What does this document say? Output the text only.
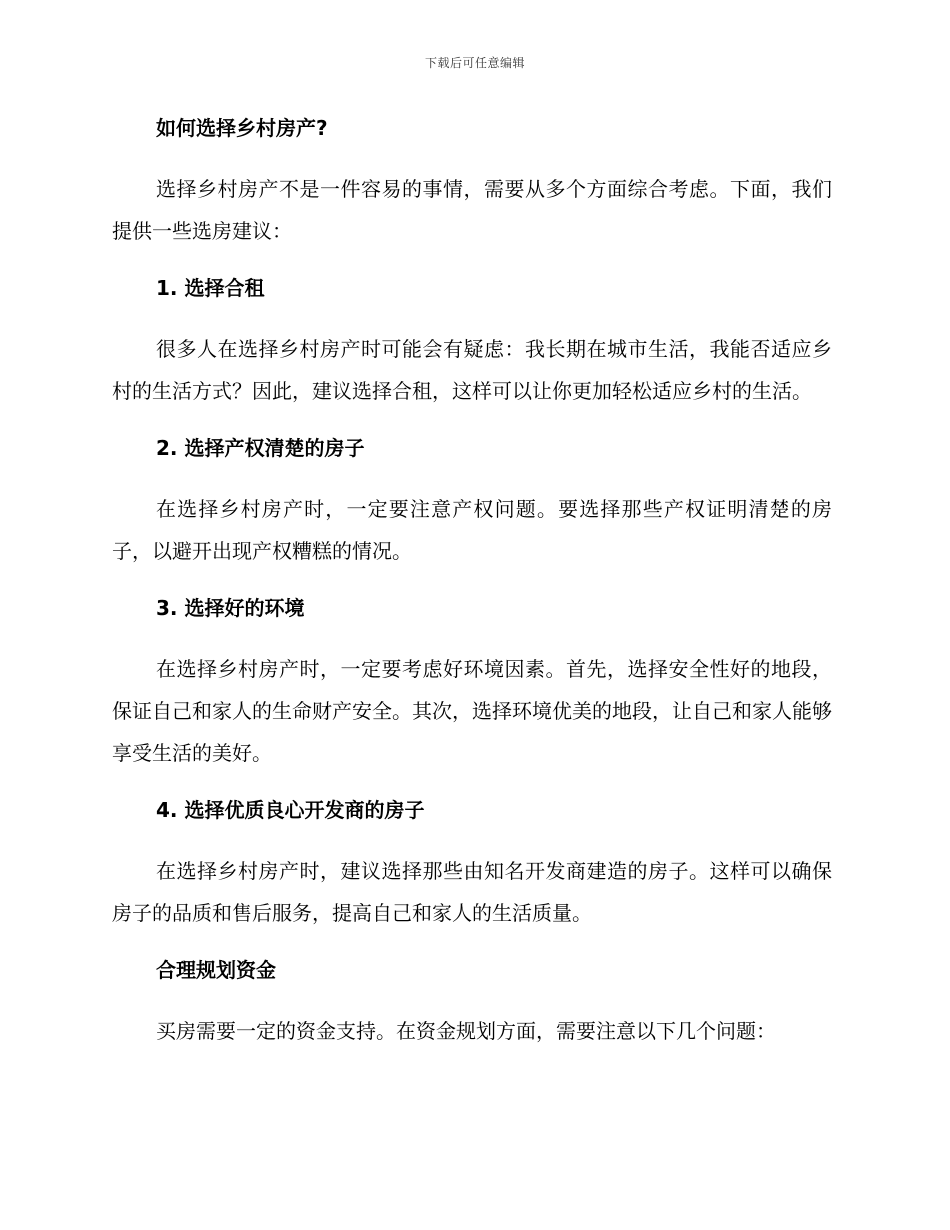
下载后可任意编辑
如何选择乡村房产?

选择乡村房产不是一件容易的事情，需要从多个方面综合考虑。下面，我们提供一些选房建议：

1. 选择合租

很多人在选择乡村房产时可能会有疑虑：我长期在城市生活，我能否适应乡村的生活方式？因此，建议选择合租，这样可以让你更加轻松适应乡村的生活。

2. 选择产权清楚的房子

在选择乡村房产时，一定要注意产权问题。要选择那些产权证明清楚的房子，以避开出现产权糟糕的情况。

3. 选择好的环境

在选择乡村房产时，一定要考虑好环境因素。首先，选择安全性好的地段，保证自己和家人的生命财产安全。其次，选择环境优美的地段，让自己和家人能够享受生活的美好。

4. 选择优质良心开发商的房子

在选择乡村房产时，建议选择那些由知名开发商建造的房子。这样可以确保房子的品质和售后服务，提高自己和家人的生活质量。

合理规划资金

买房需要一定的资金支持。在资金规划方面，需要注意以下几个问题：
